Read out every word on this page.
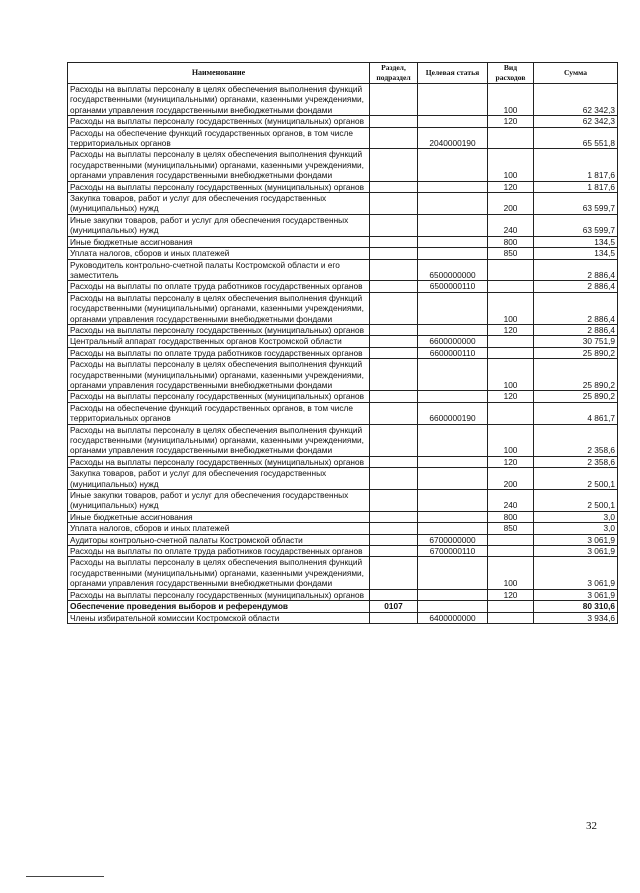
Наименование	Раздел, подраздел	Целевая статья	Вид расходов	Сумма
Расходы на выплаты персоналу в целях обеспечения выполнения функций государственными (муниципальными) органами, казенными учреждениями, органами управления государственными внебюджетными фондами			100	62 342,3
Расходы на выплаты персоналу государственных (муниципальных) органов			120	62 342,3
Расходы на обеспечение функций государственных органов, в том числе территориальных органов		2040000190		65 551,8
Расходы на выплаты персоналу в целях обеспечения выполнения функций государственными (муниципальными) органами, казенными учреждениями, органами управления государственными внебюджетными фондами			100	1 817,6
Расходы на выплаты персоналу государственных (муниципальных) органов			120	1 817,6
Закупка товаров, работ и услуг для обеспечения государственных (муниципальных) нужд			200	63 599,7
Иные закупки товаров, работ и услуг для обеспечения государственных (муниципальных) нужд			240	63 599,7
Иные бюджетные ассигнования			800	134,5
Уплата налогов, сборов и иных платежей			850	134,5
Руководитель контрольно-счетной палаты Костромской области и его заместитель		6500000000		2 886,4
Расходы на выплаты по оплате труда работников государственных органов		6500000110		2 886,4
Расходы на выплаты персоналу в целях обеспечения выполнения функций государственными (муниципальными) органами, казенными учреждениями, органами управления государственными внебюджетными фондами			100	2 886,4
Расходы на выплаты персоналу государственных (муниципальных) органов			120	2 886,4
Центральный аппарат государственных органов Костромской области		6600000000		30 751,9
Расходы на выплаты по оплате труда работников государственных органов		6600000110		25 890,2
Расходы на выплаты персоналу в целях обеспечения выполнения функций государственными (муниципальными) органами, казенными учреждениями, органами управления государственными внебюджетными фондами			100	25 890,2
Расходы на выплаты персоналу государственных (муниципальных) органов			120	25 890,2
Расходы на обеспечение функций государственных органов, в том числе территориальных органов		6600000190		4 861,7
Расходы на выплаты персоналу в целях обеспечения выполнения функций государственными (муниципальными) органами, казенными учреждениями, органами управления государственными внебюджетными фондами			100	2 358,6
Расходы на выплаты персоналу государственных (муниципальных) органов			120	2 358,6
Закупка товаров, работ и услуг для обеспечения государственных (муниципальных) нужд			200	2 500,1
Иные закупки товаров, работ и услуг для обеспечения государственных (муниципальных) нужд			240	2 500,1
Иные бюджетные ассигнования			800	3,0
Уплата налогов, сборов и иных платежей			850	3,0
Аудиторы контрольно-счетной палаты Костромской области		6700000000		3 061,9
Расходы на выплаты по оплате труда работников государственных органов		6700000110		3 061,9
Расходы на выплаты персоналу в целях обеспечения выполнения функций государственными (муниципальными) органами, казенными учреждениями, органами управления государственными внебюджетными фондами			100	3 061,9
Расходы на выплаты персоналу государственных (муниципальных) органов			120	3 061,9
Обеспечение проведения выборов и референдумов	0107			80 310,6
Члены избирательной комиссии Костромской области		6400000000		3 934,6
32
